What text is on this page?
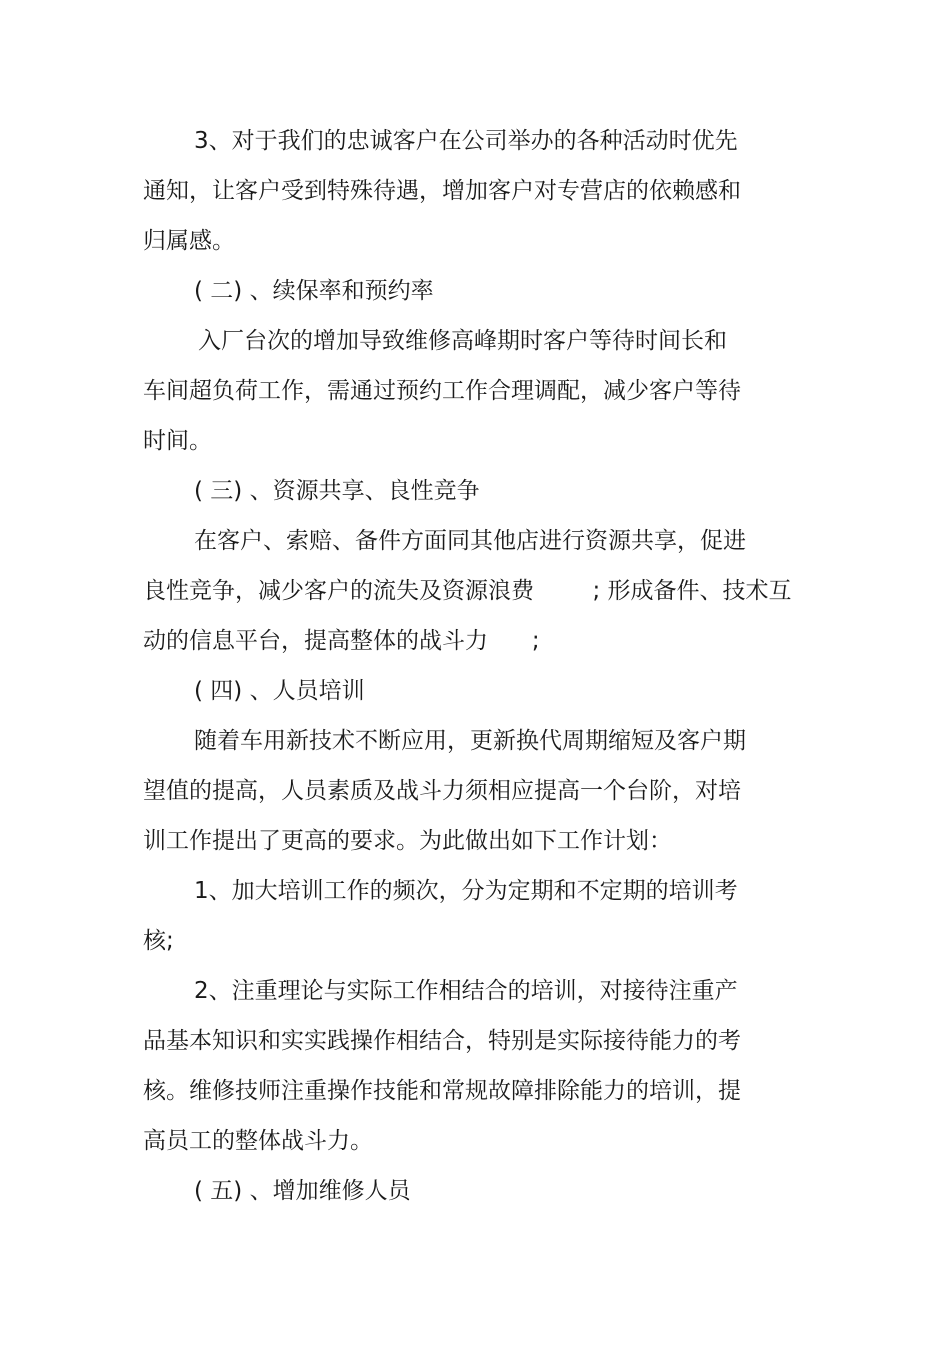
3、对于我们的忠诚客户在公司举办的各种活动时优先

通知，让客户受到特殊待遇，增加客户对专营店的依赖感和

归属感。

( 二) 、续保率和预约率

入厂台次的增加导致维修高峰期时客户等待时间长和

车间超负荷工作，需通过预约工作合理调配，减少客户等待

时间。

( 三) 、资源共享、良性竞争

在客户、索赔、备件方面同其他店进行资源共享，促进

良性竞争，减少客户的流失及资源浪费        ; 形成备件、技术互

动的信息平台，提高整体的战斗力      ;

( 四) 、人员培训

随着车用新技术不断应用，更新换代周期缩短及客户期

望值的提高，人员素质及战斗力须相应提高一个台阶，对培

训工作提出了更高的要求。为此做出如下工作计划：

1、加大培训工作的频次，分为定期和不定期的培训考

核;

2、注重理论与实际工作相结合的培训，对接待注重产

品基本知识和实实践操作相结合，特别是实际接待能力的考

核。维修技师注重操作技能和常规故障排除能力的培训，提

高员工的整体战斗力。

( 五) 、增加维修人员
